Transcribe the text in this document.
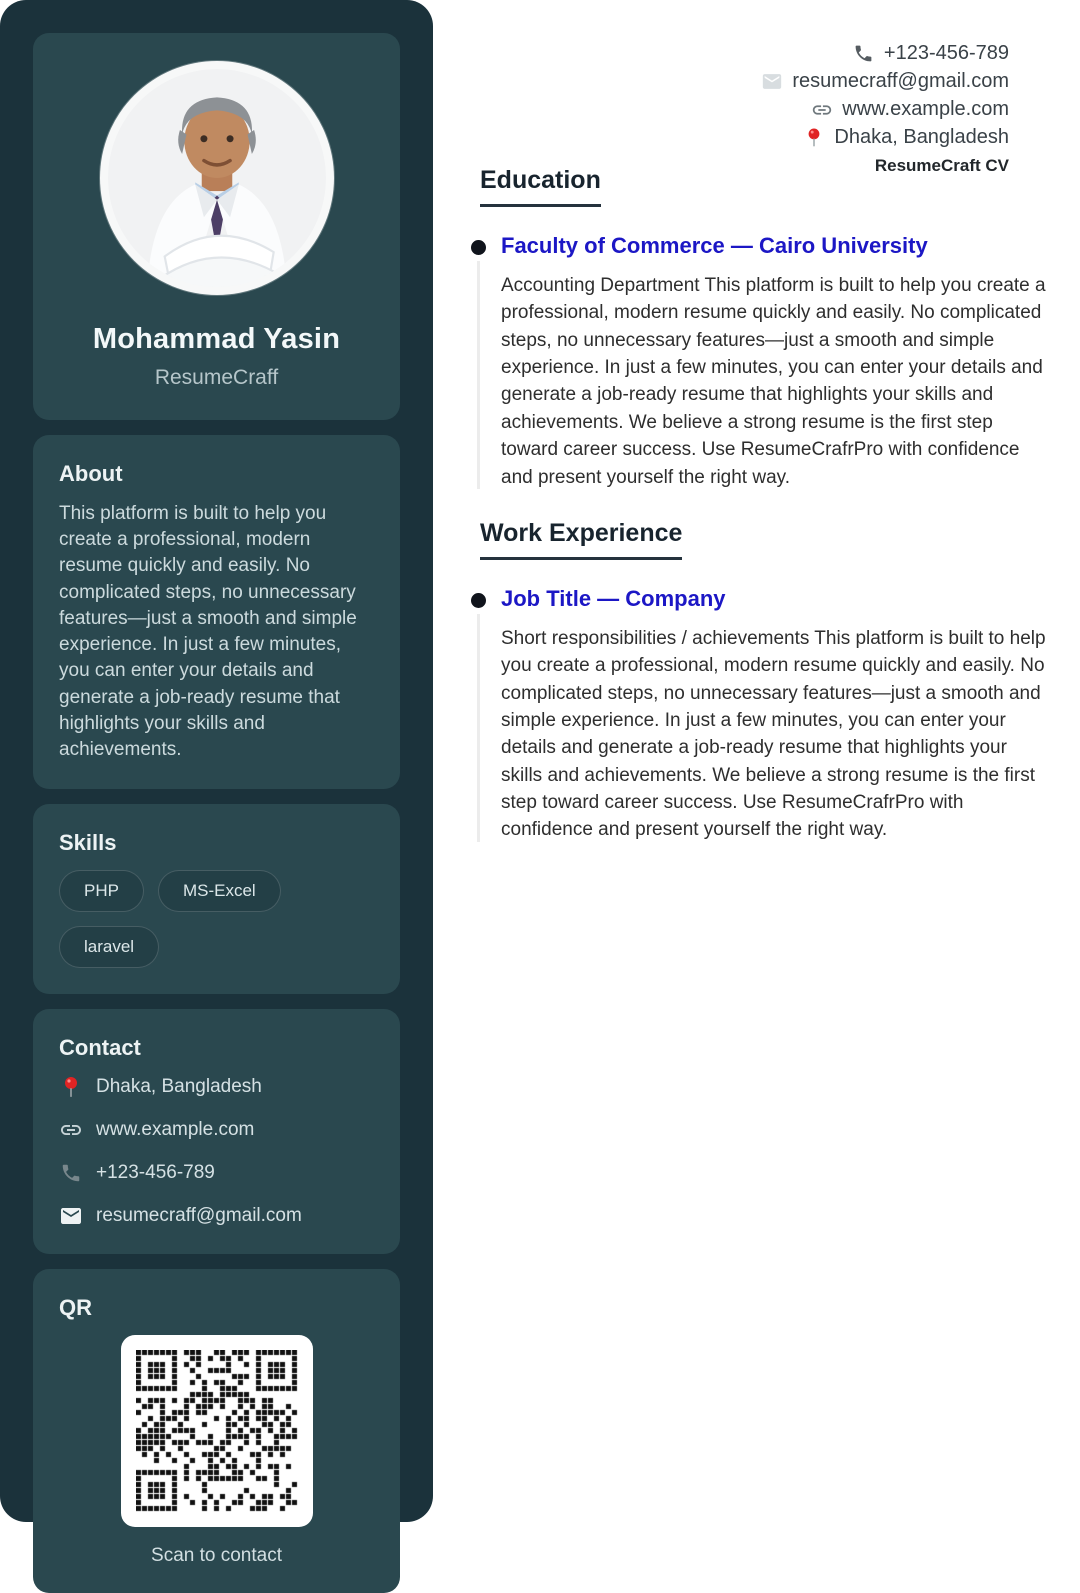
Mohammad Yasin
ResumeCraff
About
This platform is built to help you create a professional, modern resume quickly and easily. No complicated steps, no unnecessary features—just a smooth and simple experience. In just a few minutes, you can enter your details and generate a job-ready resume that highlights your skills and achievements.
Skills
PHP	MS-Excel
laravel
Contact
Dhaka, Bangladesh
www.example.com
+123-456-789
resumecraff@gmail.com
QR
Scan to contact
+123-456-789
resumecraff@gmail.com
www.example.com
Dhaka, Bangladesh
ResumeCraft CV
Education
Faculty of Commerce — Cairo University
Accounting Department This platform is built to help you create a professional, modern resume quickly and easily. No complicated steps, no unnecessary features—just a smooth and simple experience. In just a few minutes, you can enter your details and generate a job-ready resume that highlights your skills and achievements. We believe a strong resume is the first step toward career success. Use ResumeCrafrPro with confidence and present yourself the right way.
Work Experience
Job Title — Company
Short responsibilities / achievements This platform is built to help you create a professional, modern resume quickly and easily. No complicated steps, no unnecessary features—just a smooth and simple experience. In just a few minutes, you can enter your details and generate a job-ready resume that highlights your skills and achievements. We believe a strong resume is the first step toward career success. Use ResumeCrafrPro with confidence and present yourself the right way.
